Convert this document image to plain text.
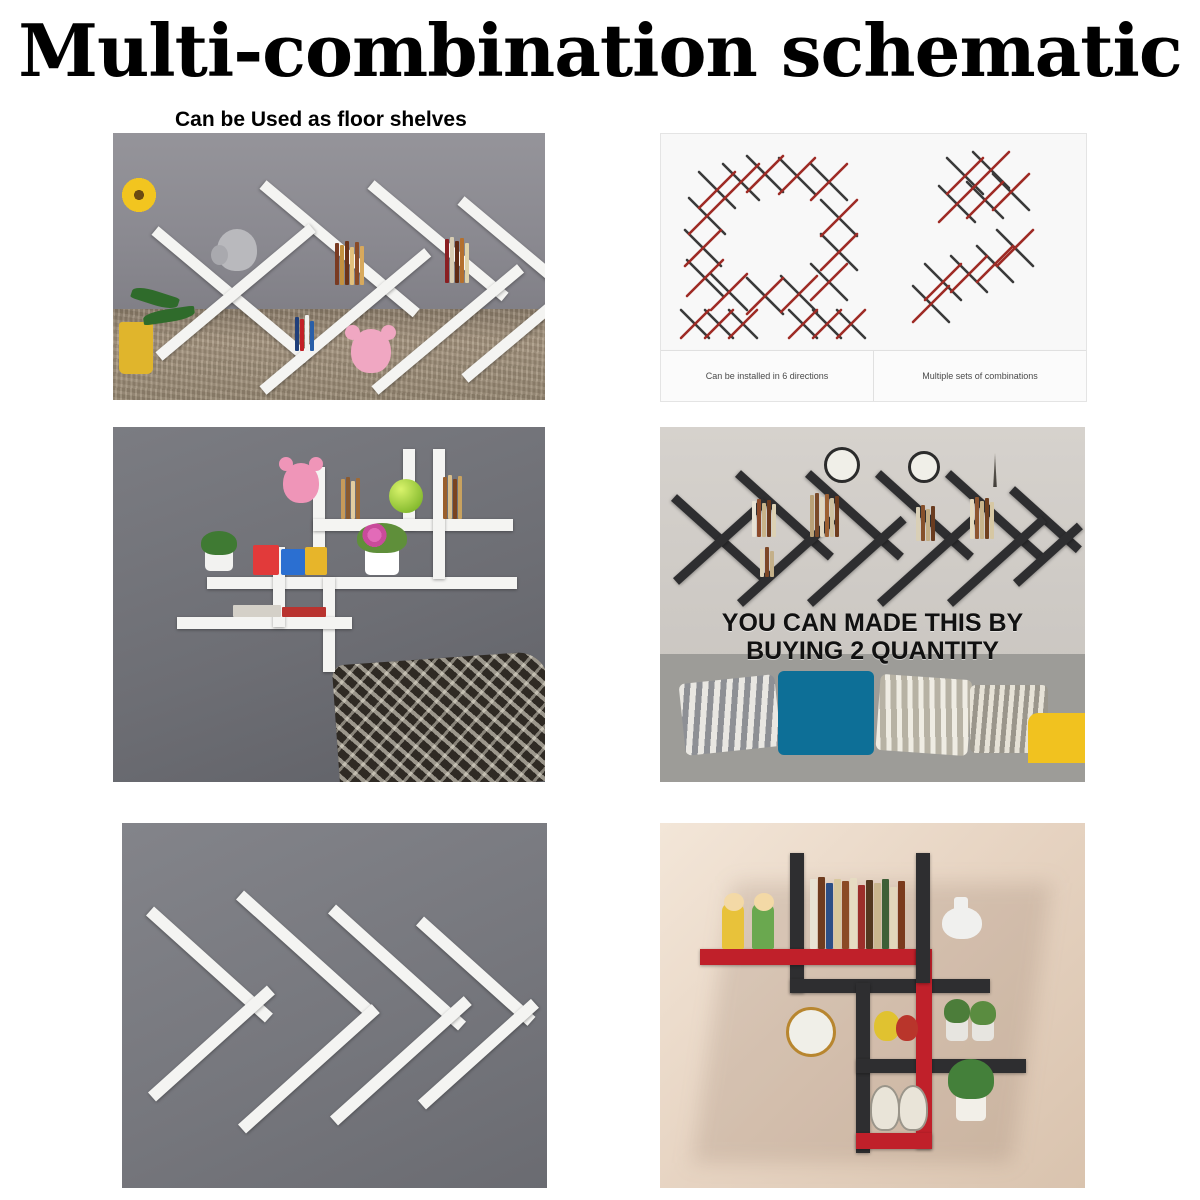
Multi-combination schematic
Can be Used as floor shelves
Can be installed in 6 directions	Multiple sets of combinations
YOU CAN MADE THIS BY
BUYING 2 QUANTITY
